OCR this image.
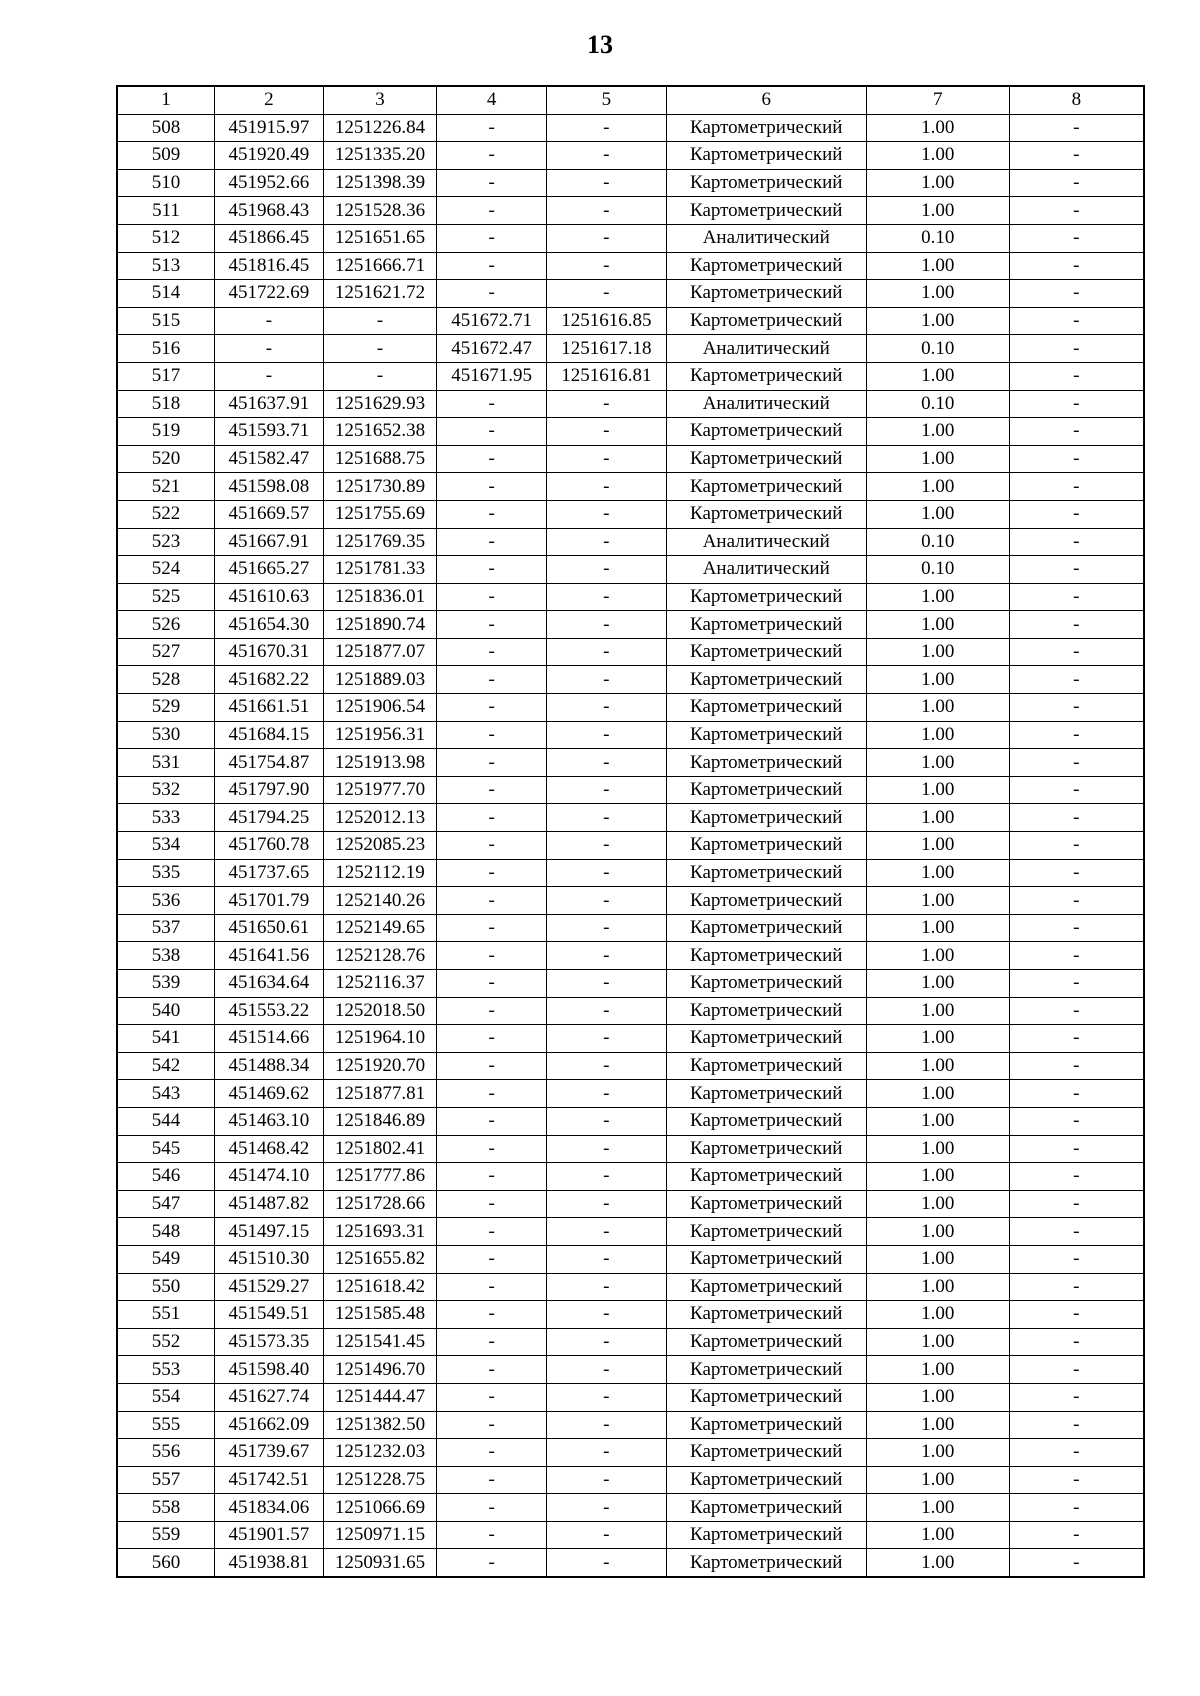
13
1	2	3	4	5	6	7	8
508	451915.97	1251226.84	-	-	Картометрический	1.00	-
509	451920.49	1251335.20	-	-	Картометрический	1.00	-
510	451952.66	1251398.39	-	-	Картометрический	1.00	-
511	451968.43	1251528.36	-	-	Картометрический	1.00	-
512	451866.45	1251651.65	-	-	Аналитический	0.10	-
513	451816.45	1251666.71	-	-	Картометрический	1.00	-
514	451722.69	1251621.72	-	-	Картометрический	1.00	-
515	-	-	451672.71	1251616.85	Картометрический	1.00	-
516	-	-	451672.47	1251617.18	Аналитический	0.10	-
517	-	-	451671.95	1251616.81	Картометрический	1.00	-
518	451637.91	1251629.93	-	-	Аналитический	0.10	-
519	451593.71	1251652.38	-	-	Картометрический	1.00	-
520	451582.47	1251688.75	-	-	Картометрический	1.00	-
521	451598.08	1251730.89	-	-	Картометрический	1.00	-
522	451669.57	1251755.69	-	-	Картометрический	1.00	-
523	451667.91	1251769.35	-	-	Аналитический	0.10	-
524	451665.27	1251781.33	-	-	Аналитический	0.10	-
525	451610.63	1251836.01	-	-	Картометрический	1.00	-
526	451654.30	1251890.74	-	-	Картометрический	1.00	-
527	451670.31	1251877.07	-	-	Картометрический	1.00	-
528	451682.22	1251889.03	-	-	Картометрический	1.00	-
529	451661.51	1251906.54	-	-	Картометрический	1.00	-
530	451684.15	1251956.31	-	-	Картометрический	1.00	-
531	451754.87	1251913.98	-	-	Картометрический	1.00	-
532	451797.90	1251977.70	-	-	Картометрический	1.00	-
533	451794.25	1252012.13	-	-	Картометрический	1.00	-
534	451760.78	1252085.23	-	-	Картометрический	1.00	-
535	451737.65	1252112.19	-	-	Картометрический	1.00	-
536	451701.79	1252140.26	-	-	Картометрический	1.00	-
537	451650.61	1252149.65	-	-	Картометрический	1.00	-
538	451641.56	1252128.76	-	-	Картометрический	1.00	-
539	451634.64	1252116.37	-	-	Картометрический	1.00	-
540	451553.22	1252018.50	-	-	Картометрический	1.00	-
541	451514.66	1251964.10	-	-	Картометрический	1.00	-
542	451488.34	1251920.70	-	-	Картометрический	1.00	-
543	451469.62	1251877.81	-	-	Картометрический	1.00	-
544	451463.10	1251846.89	-	-	Картометрический	1.00	-
545	451468.42	1251802.41	-	-	Картометрический	1.00	-
546	451474.10	1251777.86	-	-	Картометрический	1.00	-
547	451487.82	1251728.66	-	-	Картометрический	1.00	-
548	451497.15	1251693.31	-	-	Картометрический	1.00	-
549	451510.30	1251655.82	-	-	Картометрический	1.00	-
550	451529.27	1251618.42	-	-	Картометрический	1.00	-
551	451549.51	1251585.48	-	-	Картометрический	1.00	-
552	451573.35	1251541.45	-	-	Картометрический	1.00	-
553	451598.40	1251496.70	-	-	Картометрический	1.00	-
554	451627.74	1251444.47	-	-	Картометрический	1.00	-
555	451662.09	1251382.50	-	-	Картометрический	1.00	-
556	451739.67	1251232.03	-	-	Картометрический	1.00	-
557	451742.51	1251228.75	-	-	Картометрический	1.00	-
558	451834.06	1251066.69	-	-	Картометрический	1.00	-
559	451901.57	1250971.15	-	-	Картометрический	1.00	-
560	451938.81	1250931.65	-	-	Картометрический	1.00	-
